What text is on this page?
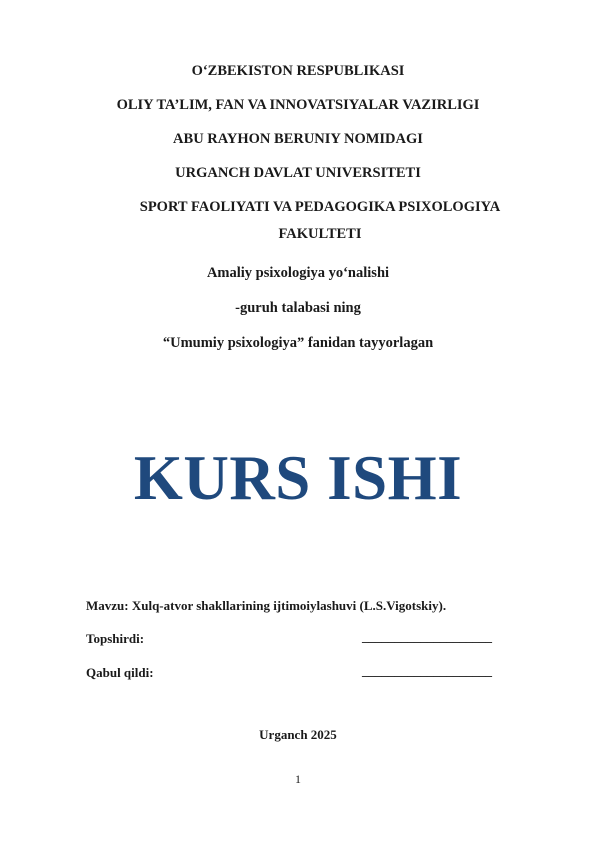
O‘ZBEKISTON RESPUBLIKASI
OLIY TA’LIM, FAN VA INNOVATSIYALAR VAZIRLIGI
ABU RAYHON BERUNIY NOMIDAGI
URGANCH DAVLAT UNIVERSITETI
SPORT FAOLIYATI VA PEDAGOGIKA PSIXOLOGIYA FAKULTETI
Amaliy psixologiya yo‘nalishi
-guruh talabasi ning
“Umumiy psixologiya” fanidan tayyorlagan
KURS ISHI
Mavzu: Xulq-atvor shakllarining ijtimoiylashuvi (L.S.Vigotskiy).
Topshirdi:	____________________
Qabul qildi:	____________________
Urganch 2025
1
